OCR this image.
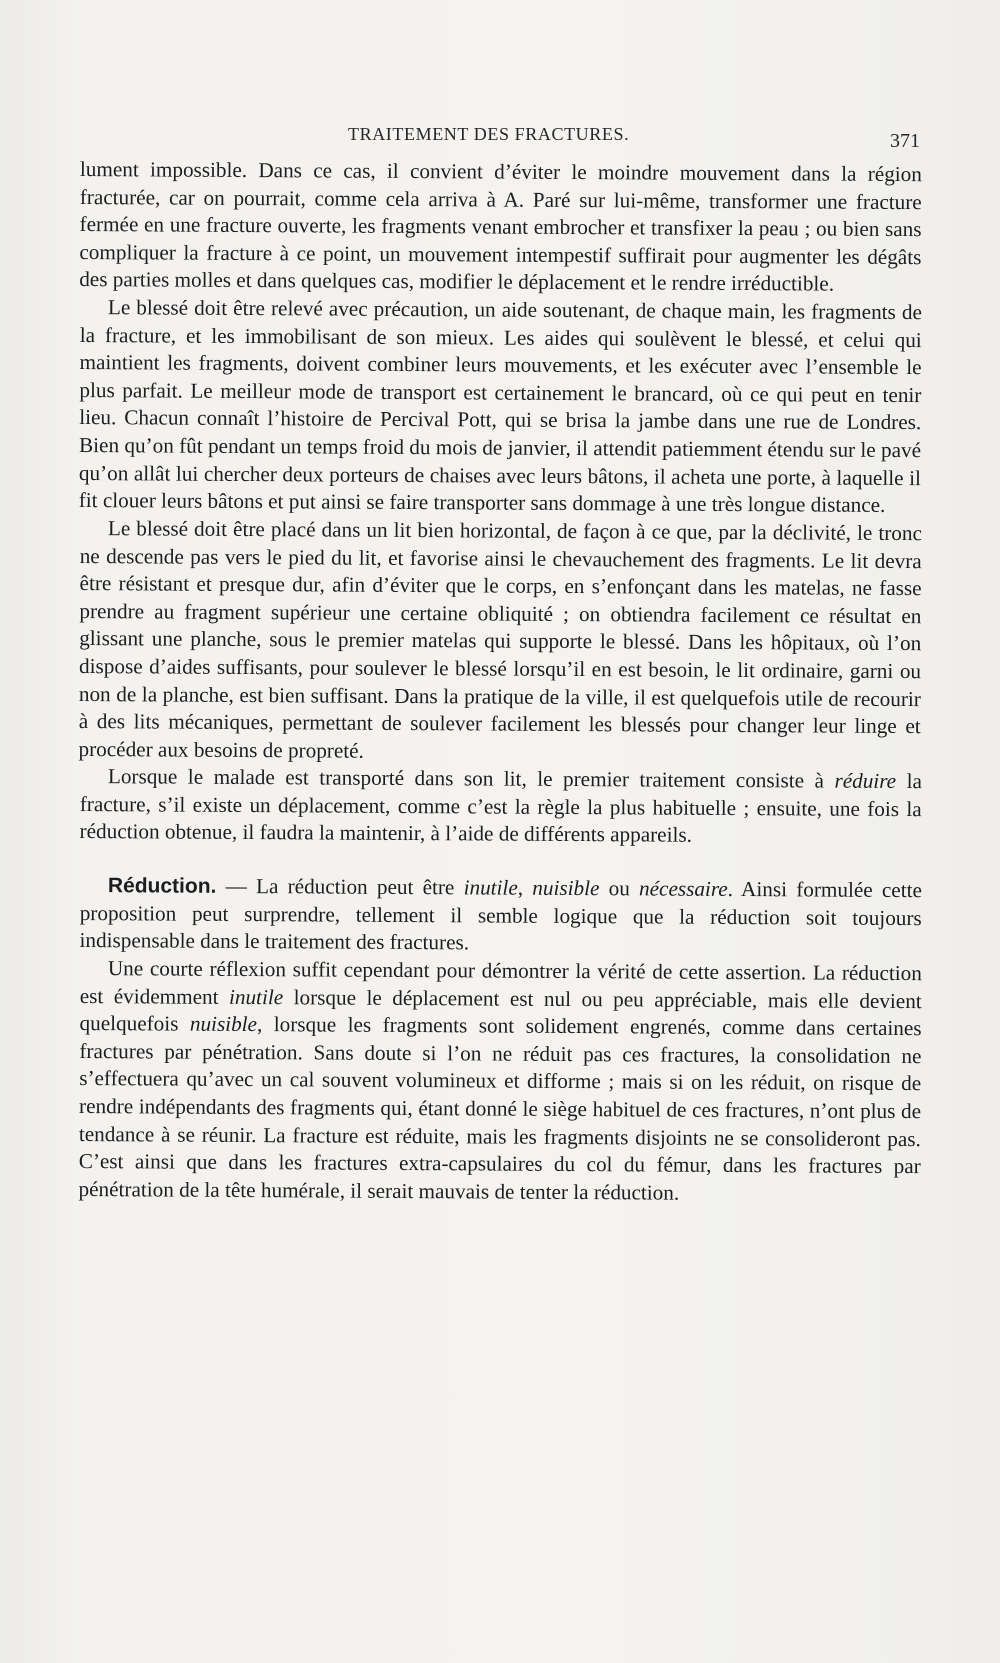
TRAITEMENT DES FRACTURES.	371

lument impossible. Dans ce cas, il convient d’éviter le moindre mouvement dans la région fracturée, car on pourrait, comme cela arriva à A. Paré sur lui-même, transformer une fracture fermée en une fracture ouverte, les fragments venant embrocher et transfixer la peau ; ou bien sans compliquer la fracture à ce point, un mouvement intempestif suffirait pour augmenter les dégâts des parties molles et dans quelques cas, modifier le déplacement et le rendre irréductible.

Le blessé doit être relevé avec précaution, un aide soutenant, de chaque main, les fragments de la fracture, et les immobilisant de son mieux. Les aides qui soulèvent le blessé, et celui qui maintient les fragments, doivent combiner leurs mouvements, et les exécuter avec l’ensemble le plus parfait. Le meilleur mode de transport est certainement le brancard, où ce qui peut en tenir lieu. Chacun connaît l’histoire de Percival Pott, qui se brisa la jambe dans une rue de Londres. Bien qu’on fût pendant un temps froid du mois de janvier, il attendit patiemment étendu sur le pavé qu’on allât lui chercher deux porteurs de chaises avec leurs bâtons, il acheta une porte, à laquelle il fit clouer leurs bâtons et put ainsi se faire transporter sans dommage à une très longue distance.

Le blessé doit être placé dans un lit bien horizontal, de façon à ce que, par la déclivité, le tronc ne descende pas vers le pied du lit, et favorise ainsi le chevauchement des fragments. Le lit devra être résistant et presque dur, afin d’éviter que le corps, en s’enfonçant dans les matelas, ne fasse prendre au fragment supérieur une certaine obliquité ; on obtiendra facilement ce résultat en glissant une planche, sous le premier matelas qui supporte le blessé. Dans les hôpitaux, où l’on dispose d’aides suffisants, pour soulever le blessé lorsqu’il en est besoin, le lit ordinaire, garni ou non de la planche, est bien suffisant. Dans la pratique de la ville, il est quelquefois utile de recourir à des lits mécaniques, permettant de soulever facilement les blessés pour changer leur linge et procéder aux besoins de propreté.

Lorsque le malade est transporté dans son lit, le premier traitement consiste à réduire la fracture, s’il existe un déplacement, comme c’est la règle la plus habituelle ; ensuite, une fois la réduction obtenue, il faudra la maintenir, à l’aide de différents appareils.

Réduction. — La réduction peut être inutile, nuisible ou nécessaire. Ainsi formulée cette proposition peut surprendre, tellement il semble logique que la réduction soit toujours indispensable dans le traitement des fractures.

Une courte réflexion suffit cependant pour démontrer la vérité de cette assertion. La réduction est évidemment inutile lorsque le déplacement est nul ou peu appréciable, mais elle devient quelquefois nuisible, lorsque les fragments sont solidement engrenés, comme dans certaines fractures par pénétration. Sans doute si l’on ne réduit pas ces fractures, la consolidation ne s’effectuera qu’avec un cal souvent volumineux et difforme ; mais si on les réduit, on risque de rendre indépendants des fragments qui, étant donné le siège habituel de ces fractures, n’ont plus de tendance à se réunir. La fracture est réduite, mais les fragments disjoints ne se consolideront pas. C’est ainsi que dans les fractures extra-capsulaires du col du fémur, dans les fractures par pénétration de la tête humérale, il serait mauvais de tenter la réduction.
